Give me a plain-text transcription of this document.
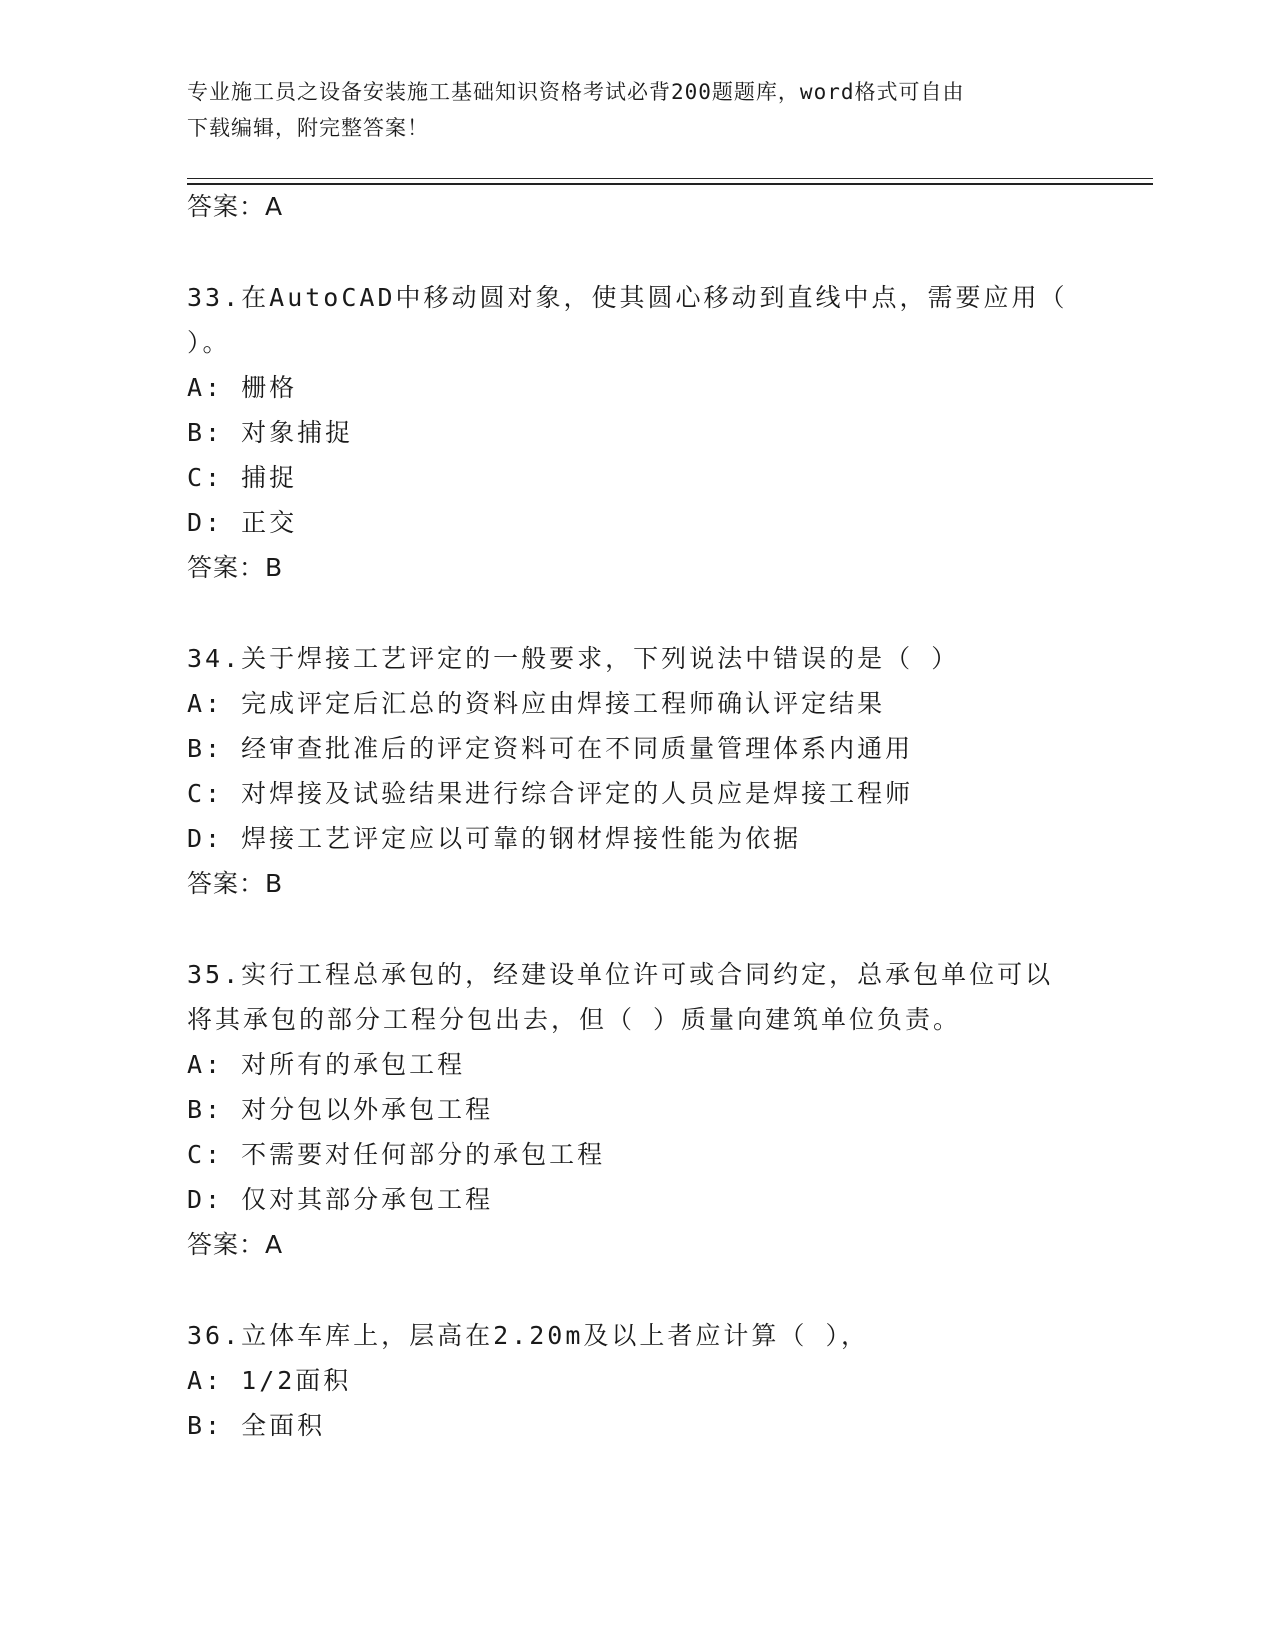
专业施工员之设备安装施工基础知识资格考试必背200题题库，word格式可自由
下载编辑，附完整答案！
答案：A
33.在AutoCAD中移动圆对象，使其圆心移动到直线中点，需要应用（
）。
A: 栅格
B: 对象捕捉
C: 捕捉
D: 正交
答案：B
34.关于焊接工艺评定的一般要求，下列说法中错误的是（ ）
A: 完成评定后汇总的资料应由焊接工程师确认评定结果
B: 经审查批准后的评定资料可在不同质量管理体系内通用
C: 对焊接及试验结果进行综合评定的人员应是焊接工程师
D: 焊接工艺评定应以可靠的钢材焊接性能为依据
答案：B
35.实行工程总承包的，经建设单位许可或合同约定，总承包单位可以
将其承包的部分工程分包出去，但（ ）质量向建筑单位负责。
A: 对所有的承包工程
B: 对分包以外承包工程
C: 不需要对任何部分的承包工程
D: 仅对其部分承包工程
答案：A
36.立体车库上，层高在2.20m及以上者应计算（ ），
A: 1/2面积
B: 全面积
